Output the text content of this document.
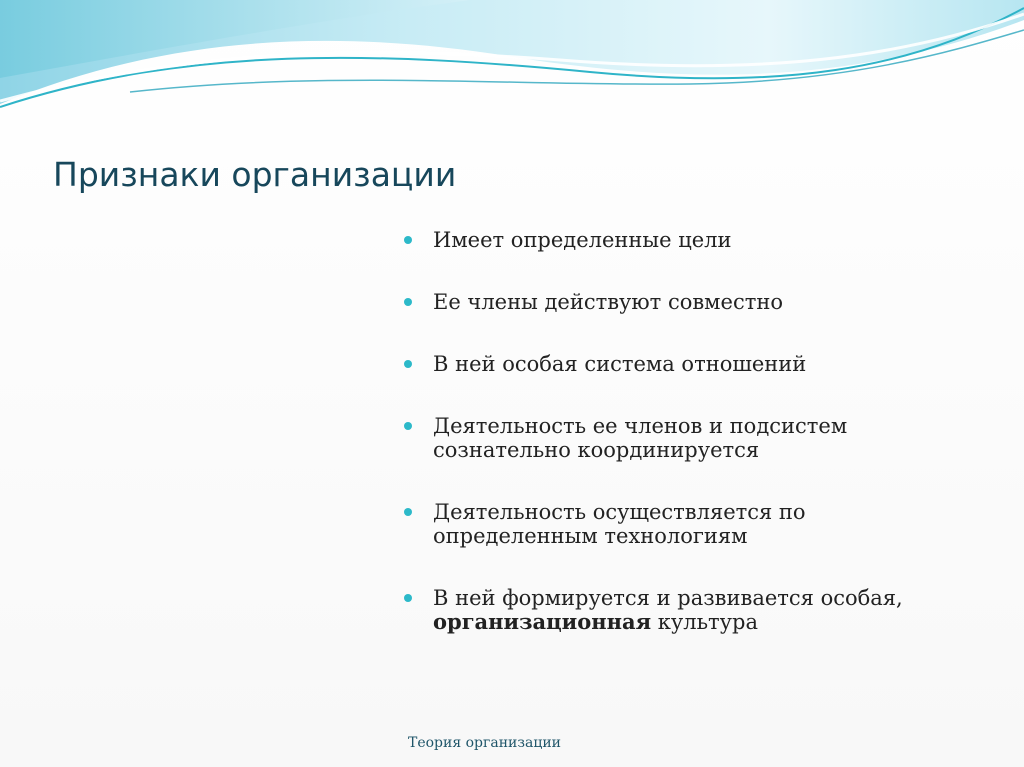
Признаки организации
Имеет определенные цели
Ее члены действуют совместно
В ней особая система отношений
Деятельность ее членов и подсистем
сознательно координируется
Деятельность осуществляется по
определенным технологиям
В ней формируется и развивается особая,
организационная культура
Теория организации
